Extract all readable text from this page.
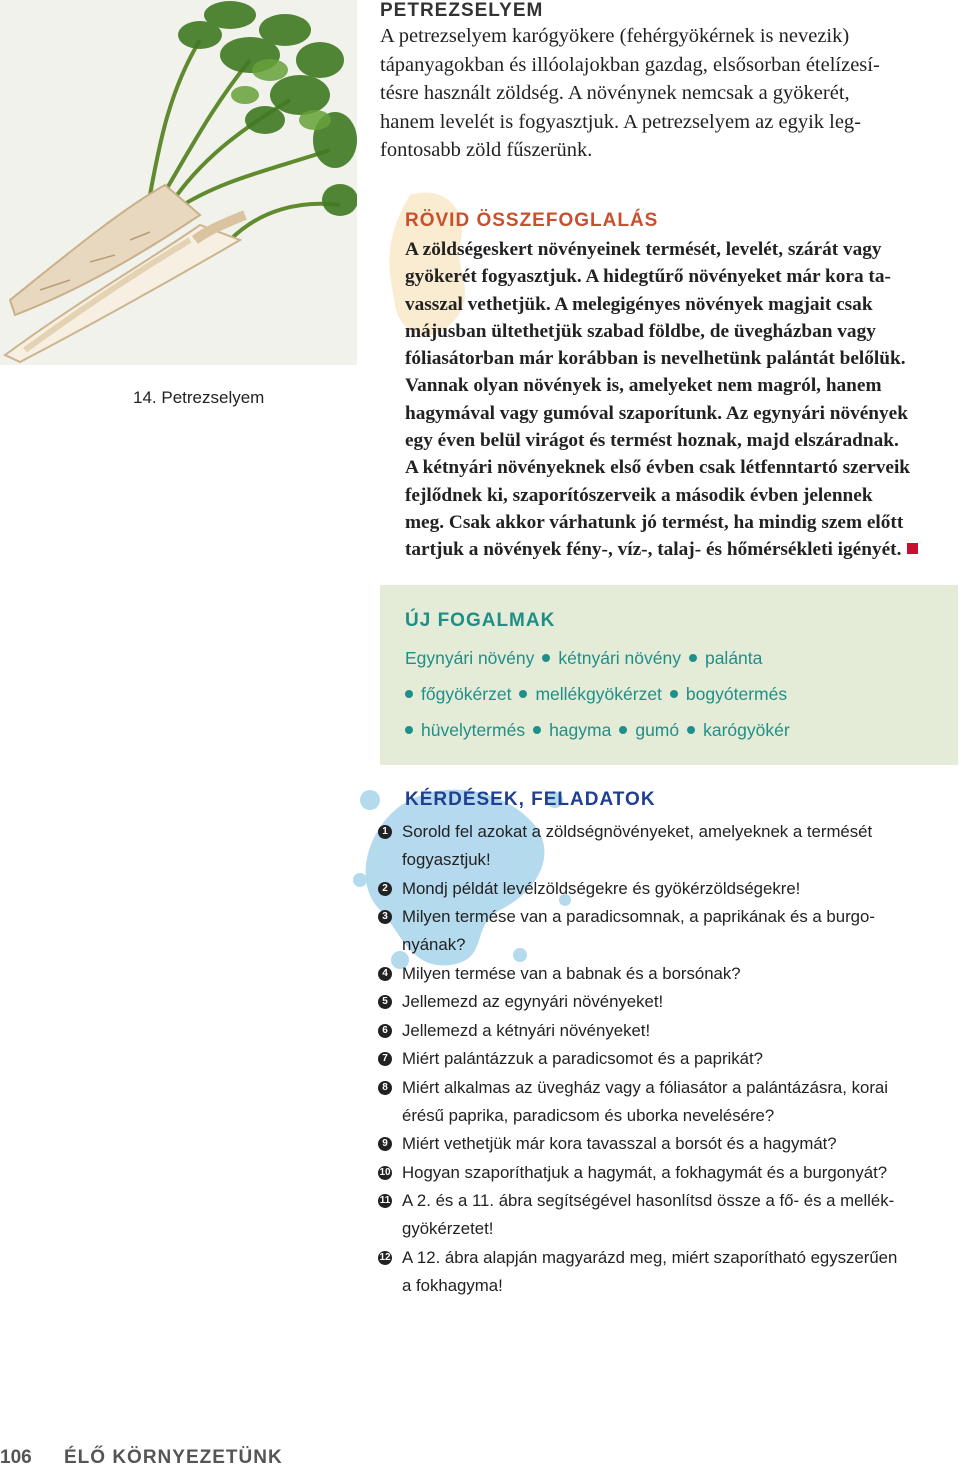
14. Petrezselyem
PETREZSELYEM
A petrezselyem karógyökere (fehérgyökérnek is nevezik)
tápanyagokban és illóolajokban gazdag, elsősorban ételízesí-
tésre használt zöldség. A növénynek nemcsak a gyökerét,
hanem levelét is fogyasztjuk. A petrezselyem az egyik leg-
fontosabb zöld fűszerünk.
RÖVID ÖSSZEFOGLALÁS
A zöldségeskert növényeinek termését, levelét, szárát vagy
gyökerét fogyasztjuk. A hidegtűrő növényeket már kora ta-
vasszal vethetjük. A melegigényes növények magjait csak
májusban ültethetjük szabad földbe, de üvegházban vagy
fóliasátorban már korábban is nevelhetünk palántát belőlük.
Vannak olyan növények is, amelyeket nem magról, hanem
hagymával vagy gumóval szaporítunk. Az egynyári növények
egy éven belül virágot és termést hoznak, majd elszáradnak.
A kétnyári növényeknek első évben csak létfenntartó szerveik
fejlődnek ki, szaporítószerveik a második évben jelennek
meg. Csak akkor várhatunk jó termést, ha mindig szem előtt
tartjuk a növények fény-, víz-, talaj- és hőmérsékleti igényét.
ÚJ FOGALMAK
Egynyári növény kétnyári növény palánta
főgyökérzet mellékgyökérzet bogyótermés
hüvelytermés hagyma gumó karógyökér
KÉRDÉSEK, FELADATOK
1 Sorold fel azokat a zöldségnövényeket, amelyeknek a termését
fogyasztjuk!
2 Mondj példát levélzöldségekre és gyökérzöldségekre!
3 Milyen termése van a paradicsomnak, a paprikának és a burgo-
nyának?
4 Milyen termése van a babnak és a borsónak?
5 Jellemezd az egynyári növényeket!
6 Jellemezd a kétnyári növényeket!
7 Miért palántázzuk a paradicsomot és a paprikát?
8 Miért alkalmas az üvegház vagy a fóliasátor a palántázásra, korai
érésű paprika, paradicsom és uborka nevelésére?
9 Miért vethetjük már kora tavasszal a borsót és a hagymát?
10 Hogyan szaporíthatjuk a hagymát, a fokhagymát és a burgonyát?
11 A 2. és a 11. ábra segítségével hasonlítsd össze a fő- és a mellék-
gyökérzetet!
12 A 12. ábra alapján magyarázd meg, miért szaporítható egyszerűen
a fokhagyma!
106 ÉLŐ KÖRNYEZETÜNK
